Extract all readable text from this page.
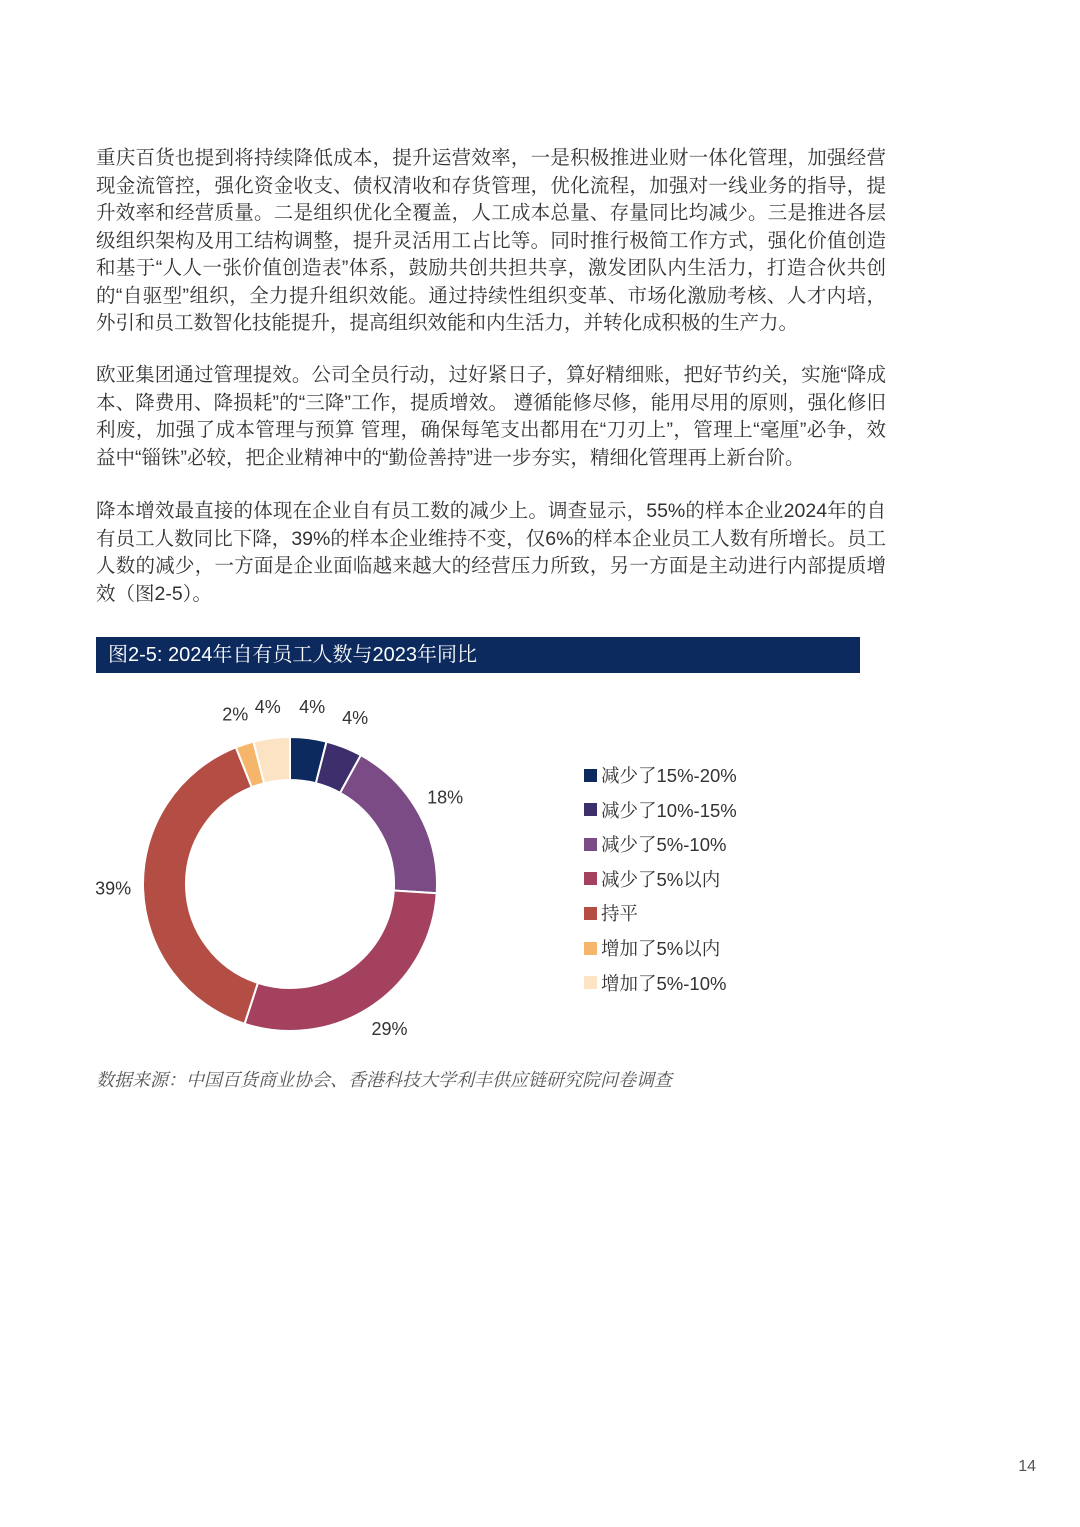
重庆百货也提到将持续降低成本，提升运营效率，一是积极推进业财一体化管理，加强经营现金流管控，强化资金收支、债权清收和存货管理，优化流程，加强对一线业务的指导，提升效率和经营质量。二是组织优化全覆盖，人工成本总量、存量同比均减少。三是推进各层级组织架构及用工结构调整，提升灵活用工占比等。同时推行极简工作方式，强化价值创造和基于“人人一张价值创造表”体系，鼓励共创共担共享，激发团队内生活力，打造合伙共创的“自驱型”组织，全力提升组织效能。通过持续性组织变革、市场化激励考核、人才内培，外引和员工数智化技能提升，提高组织效能和内生活力，并转化成积极的生产力。

欧亚集团通过管理提效。公司全员行动，过好紧日子，算好精细账，把好节约关，实施“降成本、降费用、降损耗”的“三降”工作，提质增效。 遵循能修尽修，能用尽用的原则，强化修旧利废，加强了成本管理与预算 管理，确保每笔支出都用在“刀刃上”，管理上“毫厘”必争，效益中“锱铢”必较，把企业精神中的“勤俭善持”进一步夯实，精细化管理再上新台阶。

降本增效最直接的体现在企业自有员工数的减少上。调查显示，55%的样本企业2024年的自有员工人数同比下降，39%的样本企业维持不变，仅6%的样本企业员工人数有所增长。员工人数的减少，一方面是企业面临越来越大的经营压力所致，另一方面是主动进行内部提质增效（图2-5）。

图2-5: 2024年自有员工人数与2023年同比
4%
4%
18%
29%
39%
2% 4%
减少了15%-20%
减少了10%-15%
减少了5%-10%
减少了5%以内
持平
增加了5%以内
增加了5%-10%
数据来源：中国百货商业协会、香港科技大学利丰供应链研究院问卷调查
14
